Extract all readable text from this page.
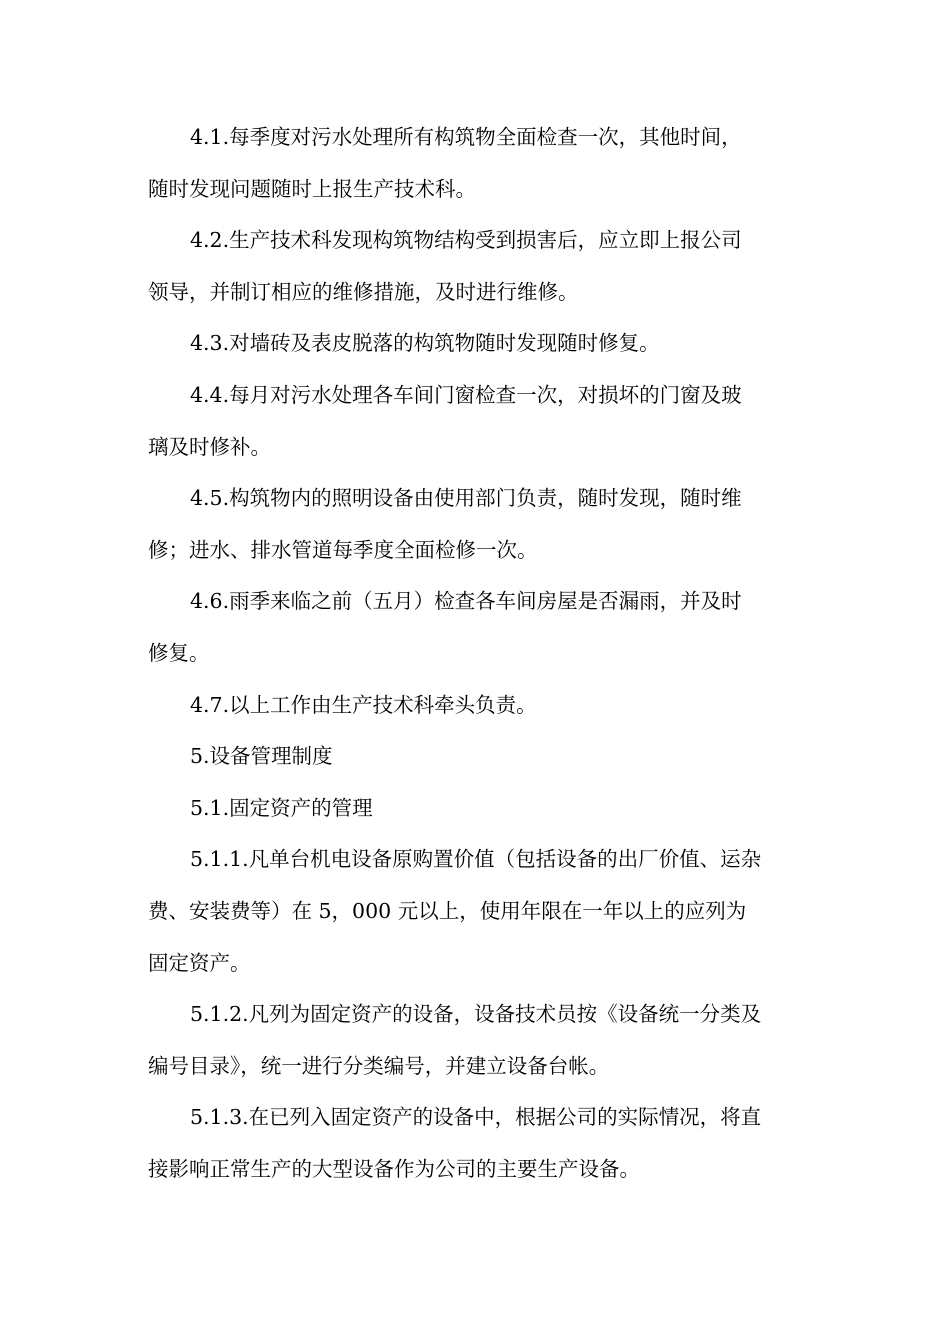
4.1.每季度对污水处理所有构筑物全面检查一次，其他时间，
随时发现问题随时上报生产技术科。

4.2.生产技术科发现构筑物结构受到损害后，应立即上报公司
领导，并制订相应的维修措施，及时进行维修。

4.3.对墙砖及表皮脱落的构筑物随时发现随时修复。

4.4.每月对污水处理各车间门窗检查一次，对损坏的门窗及玻
璃及时修补。

4.5.构筑物内的照明设备由使用部门负责，随时发现，随时维
修；进水、排水管道每季度全面检修一次。

4.6.雨季来临之前（五月）检查各车间房屋是否漏雨，并及时
修复。

4.7.以上工作由生产技术科牵头负责。

5.设备管理制度

5.1.固定资产的管理

5.1.1.凡单台机电设备原购置价值（包括设备的出厂价值、运杂
费、安装费等）在 5，000 元以上，使用年限在一年以上的应列为
固定资产。

5.1.2.凡列为固定资产的设备，设备技术员按《设备统一分类及
编号目录》，统一进行分类编号，并建立设备台帐。

5.1.3.在已列入固定资产的设备中，根据公司的实际情况，将直
接影响正常生产的大型设备作为公司的主要生产设备。
